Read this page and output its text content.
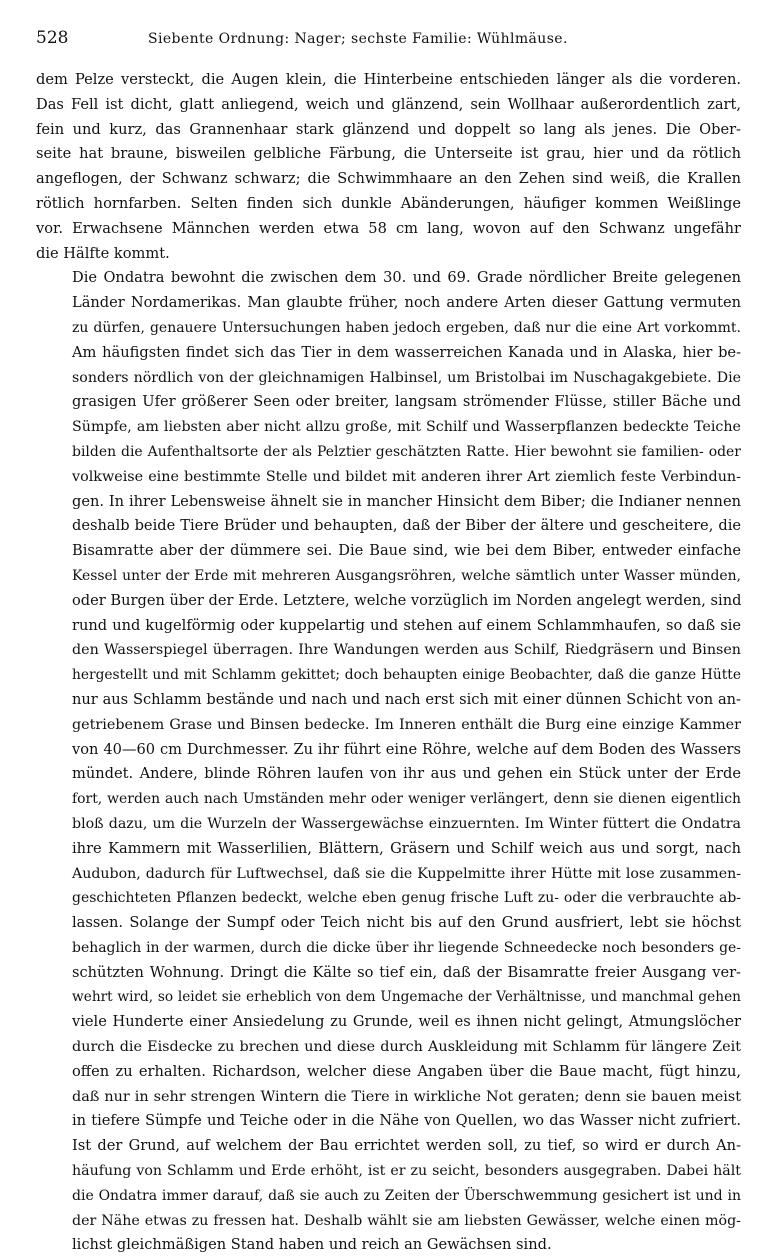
528	Siebente Ordnung: Nager; sechste Familie: Wühlmäuse.
dem Pelze versteckt, die Augen klein, die Hinterbeine entschieden länger als die vorderen.
Das Fell ist dicht, glatt anliegend, weich und glänzend, sein Wollhaar außerordentlich zart,
fein und kurz, das Grannenhaar stark glänzend und doppelt so lang als jenes. Die Ober-
seite hat braune, bisweilen gelbliche Färbung, die Unterseite ist grau, hier und da rötlich
angeflogen, der Schwanz schwarz; die Schwimmhaare an den Zehen sind weiß, die Krallen
rötlich hornfarben. Selten finden sich dunkle Abänderungen, häufiger kommen Weißlinge
vor. Erwachsene Männchen werden etwa 58 cm lang, wovon auf den Schwanz ungefähr
die Hälfte kommt.
Die Ondatra bewohnt die zwischen dem 30. und 69. Grade nördlicher Breite gelegenen
Länder Nordamerikas. Man glaubte früher, noch andere Arten dieser Gattung vermuten
zu dürfen, genauere Untersuchungen haben jedoch ergeben, daß nur die eine Art vorkommt.
Am häufigsten findet sich das Tier in dem wasserreichen Kanada und in Alaska, hier be-
sonders nördlich von der gleichnamigen Halbinsel, um Bristolbai im Nuschagakgebiete. Die
grasigen Ufer größerer Seen oder breiter, langsam strömender Flüsse, stiller Bäche und
Sümpfe, am liebsten aber nicht allzu große, mit Schilf und Wasserpflanzen bedeckte Teiche
bilden die Aufenthaltsorte der als Pelztier geschätzten Ratte. Hier bewohnt sie familien- oder
volkweise eine bestimmte Stelle und bildet mit anderen ihrer Art ziemlich feste Verbindun-
gen. In ihrer Lebensweise ähnelt sie in mancher Hinsicht dem Biber; die Indianer nennen
deshalb beide Tiere Brüder und behaupten, daß der Biber der ältere und gescheitere, die
Bisamratte aber der dümmere sei. Die Baue sind, wie bei dem Biber, entweder einfache
Kessel unter der Erde mit mehreren Ausgangsröhren, welche sämtlich unter Wasser münden,
oder Burgen über der Erde. Letztere, welche vorzüglich im Norden angelegt werden, sind
rund und kugelförmig oder kuppelartig und stehen auf einem Schlammhaufen, so daß sie
den Wasserspiegel überragen. Ihre Wandungen werden aus Schilf, Riedgräsern und Binsen
hergestellt und mit Schlamm gekittet; doch behaupten einige Beobachter, daß die ganze Hütte
nur aus Schlamm bestände und nach und nach erst sich mit einer dünnen Schicht von an-
getriebenem Grase und Binsen bedecke. Im Inneren enthält die Burg eine einzige Kammer
von 40—60 cm Durchmesser. Zu ihr führt eine Röhre, welche auf dem Boden des Wassers
mündet. Andere, blinde Röhren laufen von ihr aus und gehen ein Stück unter der Erde
fort, werden auch nach Umständen mehr oder weniger verlängert, denn sie dienen eigentlich
bloß dazu, um die Wurzeln der Wassergewächse einzuernten. Im Winter füttert die Ondatra
ihre Kammern mit Wasserlilien, Blättern, Gräsern und Schilf weich aus und sorgt, nach
Audubon, dadurch für Luftwechsel, daß sie die Kuppelmitte ihrer Hütte mit lose zusammen-
geschichteten Pflanzen bedeckt, welche eben genug frische Luft zu- oder die verbrauchte ab-
lassen. Solange der Sumpf oder Teich nicht bis auf den Grund ausfriert, lebt sie höchst
behaglich in der warmen, durch die dicke über ihr liegende Schneedecke noch besonders ge-
schützten Wohnung. Dringt die Kälte so tief ein, daß der Bisamratte freier Ausgang ver-
wehrt wird, so leidet sie erheblich von dem Ungemache der Verhältnisse, und manchmal gehen
viele Hunderte einer Ansiedelung zu Grunde, weil es ihnen nicht gelingt, Atmungslöcher
durch die Eisdecke zu brechen und diese durch Auskleidung mit Schlamm für längere Zeit
offen zu erhalten. Richardson, welcher diese Angaben über die Baue macht, fügt hinzu,
daß nur in sehr strengen Wintern die Tiere in wirkliche Not geraten; denn sie bauen meist
in tiefere Sümpfe und Teiche oder in die Nähe von Quellen, wo das Wasser nicht zufriert.
Ist der Grund, auf welchem der Bau errichtet werden soll, zu tief, so wird er durch An-
häufung von Schlamm und Erde erhöht, ist er zu seicht, besonders ausgegraben. Dabei hält
die Ondatra immer darauf, daß sie auch zu Zeiten der Überschwemmung gesichert ist und in
der Nähe etwas zu fressen hat. Deshalb wählt sie am liebsten Gewässer, welche einen mög-
lichst gleichmäßigen Stand haben und reich an Gewächsen sind.
